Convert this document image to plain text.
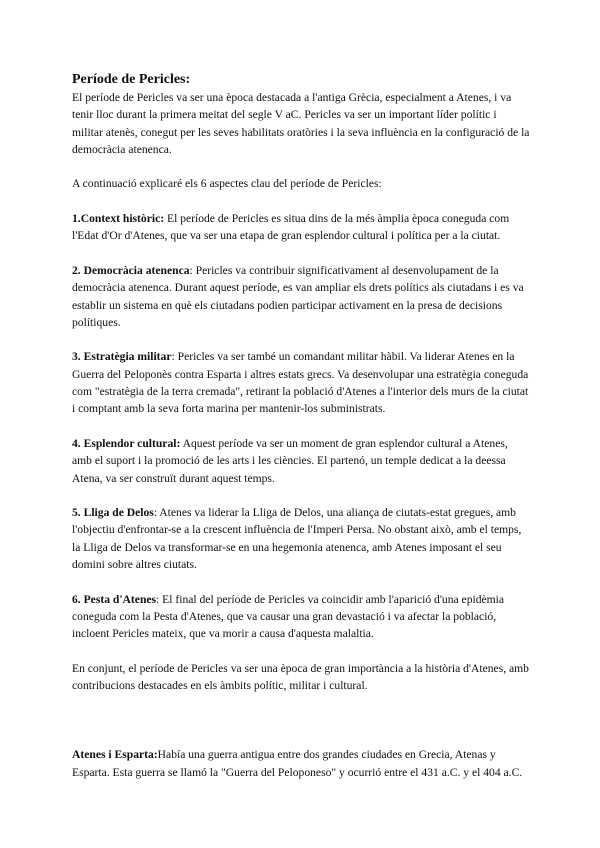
Període de Pericles:

El període de Pericles va ser una època destacada a l'antiga Grècia, especialment a Atenes, i va tenir lloc durant la primera meitat del segle V aC. Pericles va ser un important líder polític i militar atenès, conegut per les seves habilitats oratòries i la seva influència en la configuració de la democràcia atenenca.

A continuació explicaré els 6 aspectes clau del període de Pericles:

1.Context històric: El període de Pericles es situa dins de la més àmplia època coneguda com l'Edat d'Or d'Atenes, que va ser una etapa de gran esplendor cultural i política per a la ciutat.

2. Democràcia atenenca: Pericles va contribuir significativament al desenvolupament de la democràcia atenenca. Durant aquest període, es van ampliar els drets polítics als ciutadans i es va establir un sistema en què els ciutadans podien participar activament en la presa de decisions polítiques.

3. Estratègia militar: Pericles va ser també un comandant militar hàbil. Va liderar Atenes en la Guerra del Peloponès contra Esparta i altres estats grecs. Va desenvolupar una estratègia coneguda com "estratègia de la terra cremada", retirant la població d'Atenes a l'interior dels murs de la ciutat i comptant amb la seva forta marina per mantenir-los subministrats.

4. Esplendor cultural: Aquest període va ser un moment de gran esplendor cultural a Atenes, amb el suport i la promoció de les arts i les ciències. El partenó, un temple dedicat a la deessa Atena, va ser construït durant aquest temps.

5. Lliga de Delos: Atenes va liderar la Lliga de Delos, una aliança de ciutats-estat gregues, amb l'objectiu d'enfrontar-se a la crescent influència de l'Imperi Persa. No obstant això, amb el temps, la Lliga de Delos va transformar-se en una hegemonia atenenca, amb Atenes imposant el seu domini sobre altres ciutats.

6. Pesta d'Atenes: El final del període de Pericles va coincidir amb l'aparició d'una epidèmia coneguda com la Pesta d'Atenes, que va causar una gran devastació i va afectar la població, incloent Pericles mateix, que va morir a causa d'aquesta malaltia.

En conjunt, el període de Pericles va ser una època de gran importància a la història d'Atenes, amb contribucions destacades en els àmbits polític, militar i cultural.

Atenes i Esparta:Había una guerra antigua entre dos grandes ciudades en Grecia, Atenas y Esparta. Esta guerra se llamó la "Guerra del Peloponeso" y ocurrió entre el 431 a.C. y el 404 a.C.
